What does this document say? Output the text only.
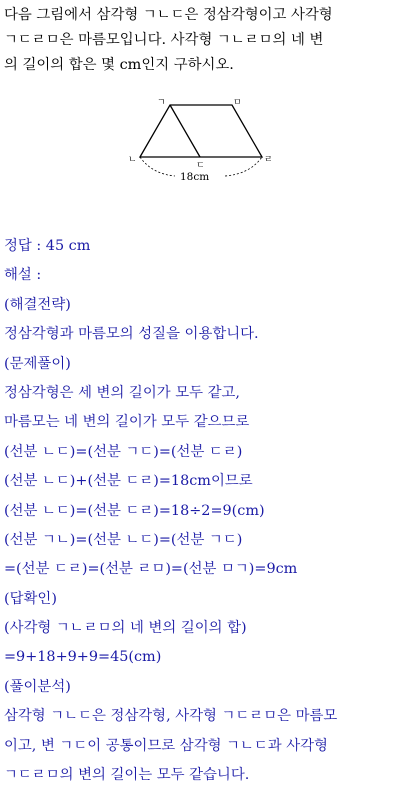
다음 그림에서 삼각형 ㄱㄴㄷ은 정삼각형이고 사각형
ㄱㄷㄹㅁ은 마름모입니다. 사각형 ㄱㄴㄹㅁ의 네 변
의 길이의 합은 몇 cm인지 구하시오.
ㄱ	ㅁ
ㄴ
ㄷ
ㄹ
18cm
정답 : 45 cm
해설 :
(해결전략)
정삼각형과 마름모의 성질을 이용합니다.
(문제풀이)
정삼각형은 세 변의 길이가 모두 같고,
마름모는 네 변의 길이가 모두 같으므로
(선분 ㄴㄷ)=(선분 ㄱㄷ)=(선분 ㄷㄹ)
(선분 ㄴㄷ)+(선분 ㄷㄹ)=18cm이므로
(선분 ㄴㄷ)=(선분 ㄷㄹ)=18÷2=9(cm)
(선분 ㄱㄴ)=(선분 ㄴㄷ)=(선분 ㄱㄷ)
=(선분 ㄷㄹ)=(선분 ㄹㅁ)=(선분 ㅁㄱ)=9cm
(답확인)
(사각형 ㄱㄴㄹㅁ의 네 변의 길이의 합)
=9+18+9+9=45(cm)
(풀이분석)
삼각형 ㄱㄴㄷ은 정삼각형, 사각형 ㄱㄷㄹㅁ은 마름모
이고, 변 ㄱㄷ이 공통이므로 삼각형 ㄱㄴㄷ과 사각형
ㄱㄷㄹㅁ의 변의 길이는 모두 같습니다.
